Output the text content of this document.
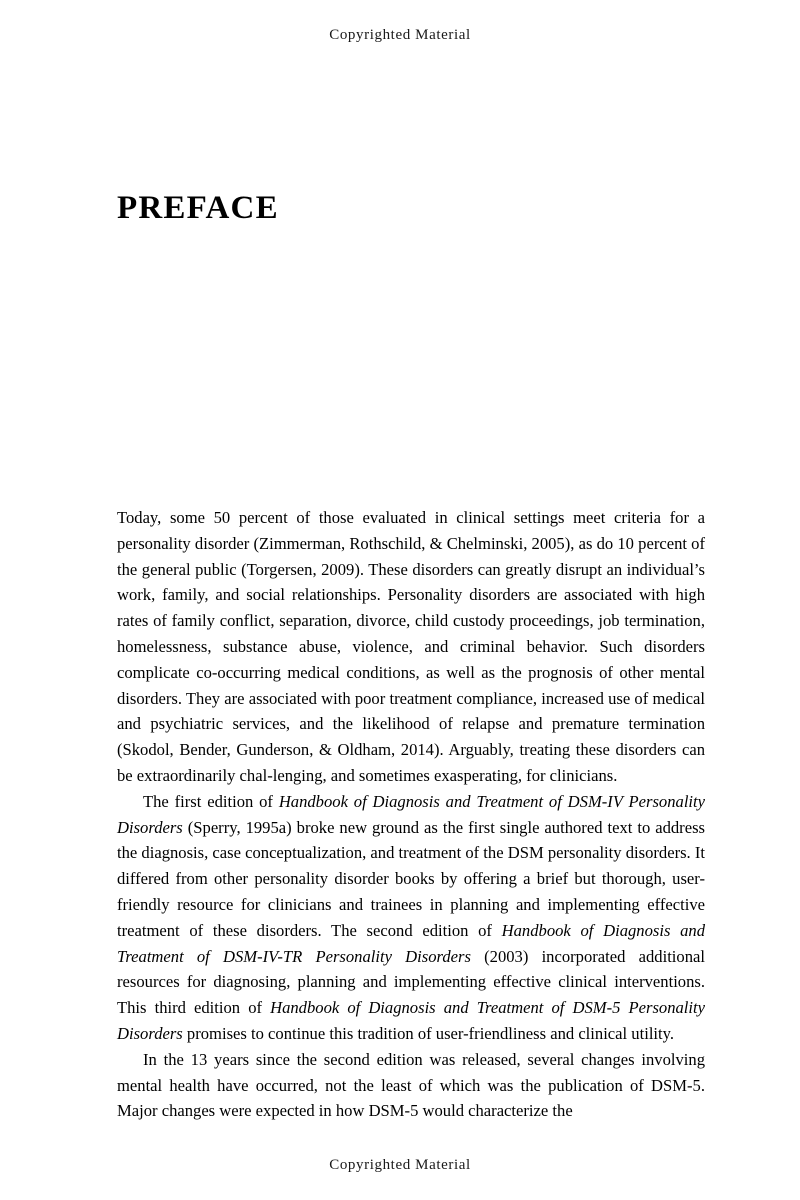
Copyrighted Material
PREFACE

Today, some 50 percent of those evaluated in clinical settings meet criteria for a personality disorder (Zimmerman, Rothschild, & Chelminski, 2005), as do 10 percent of the general public (Torgersen, 2009). These disorders can greatly disrupt an individual’s work, family, and social relationships. Personality disorders are associated with high rates of family conflict, separation, divorce, child custody proceedings, job termination, homelessness, substance abuse, violence, and criminal behavior. Such disorders complicate co-occurring medical conditions, as well as the prognosis of other mental disorders. They are associated with poor treatment compliance, increased use of medical and psychiatric services, and the likelihood of relapse and premature termination (Skodol, Bender, Gunderson, & Oldham, 2014). Arguably, treating these disorders can be extraordinarily chal-lenging, and sometimes exasperating, for clinicians.

The first edition of Handbook of Diagnosis and Treatment of DSM-IV Personality Disorders (Sperry, 1995a) broke new ground as the first single authored text to address the diagnosis, case conceptualization, and treatment of the DSM personality disorders. It differed from other personality disorder books by offering a brief but thorough, user-friendly resource for clinicians and trainees in planning and implementing effective treatment of these disorders. The second edition of Handbook of Diagnosis and Treatment of DSM-IV-TR Personality Disorders (2003) incorporated additional resources for diagnosing, planning and implementing effective clinical interventions. This third edition of Handbook of Diagnosis and Treatment of DSM-5 Personality Disorders promises to continue this tradition of user-friendliness and clinical utility.

In the 13 years since the second edition was released, several changes involving mental health have occurred, not the least of which was the publication of DSM-5. Major changes were expected in how DSM-5 would characterize the

Copyrighted Material
